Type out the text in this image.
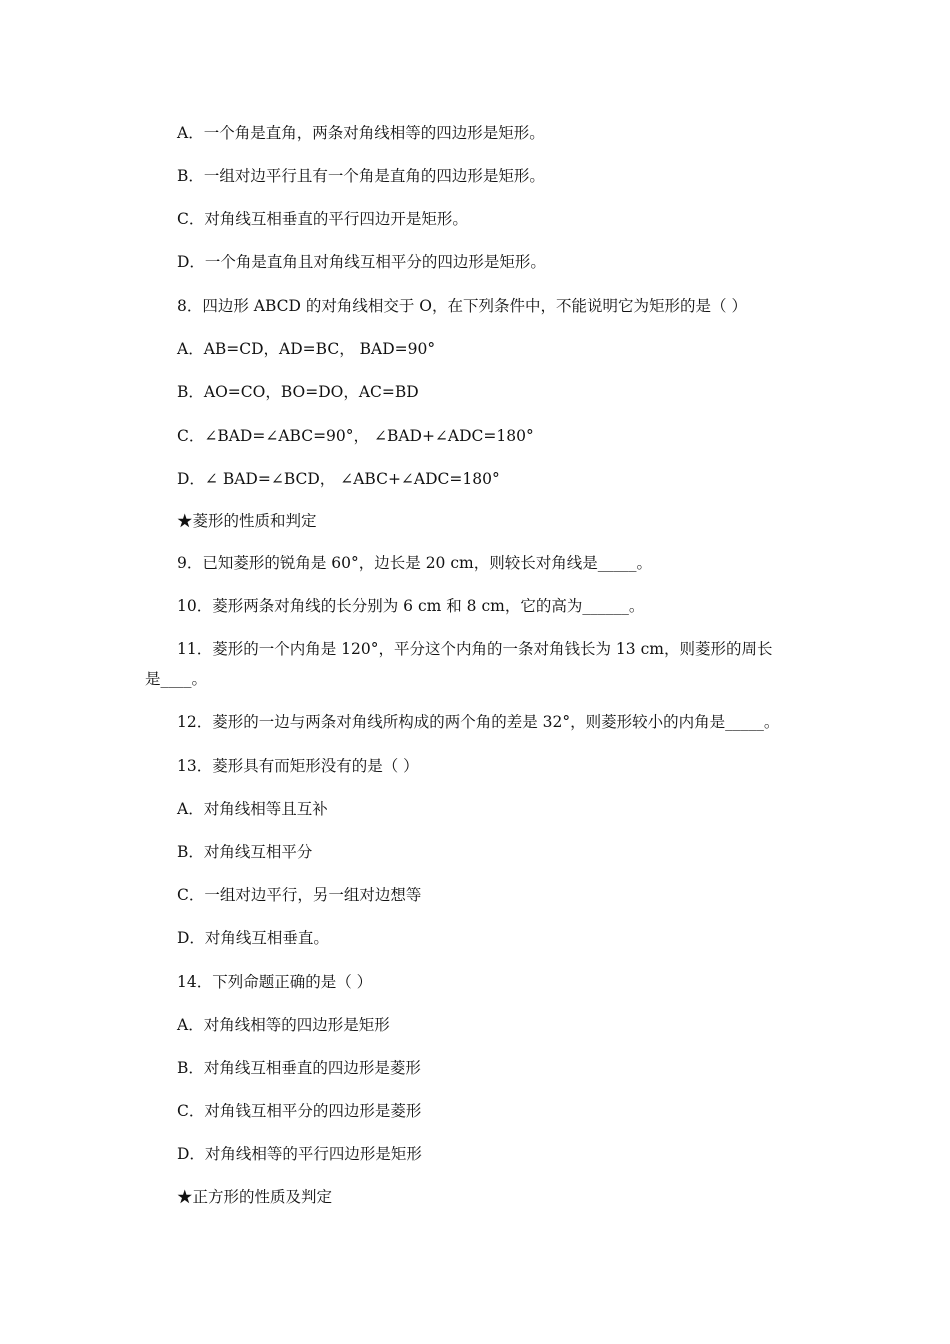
A．一个角是直角，两条对角线相等的四边形是矩形。
B．一组对边平行且有一个角是直角的四边形是矩形。
C．对角线互相垂直的平行四边开是矩形。
D．一个角是直角且对角线互相平分的四边形是矩形。
8．四边形 ABCD 的对角线相交于 O，在下列条件中，不能说明它为矩形的是（ ）
A．AB=CD，AD=BC， BAD=90°
B．AO=CO，BO=DO，AC=BD
C．∠BAD=∠ABC=90°， ∠BAD+∠ADC=180°
D．∠ BAD=∠BCD， ∠ABC+∠ADC=180°
★菱形的性质和判定
9．已知菱形的锐角是 60°，边长是 20 cm，则较长对角线是_____。
10．菱形两条对角线的长分别为 6 cm 和 8 cm，它的高为______。
11．菱形的一个内角是 120°，平分这个内角的一条对角钱长为 13 cm，则菱形的周长
是____。
12．菱形的一边与两条对角线所构成的两个角的差是 32°，则菱形较小的内角是_____。
13．菱形具有而矩形没有的是（ ）
A．对角线相等且互补
B．对角线互相平分
C．一组对边平行，另一组对边想等
D．对角线互相垂直。
14．下列命题正确的是（ ）
A．对角线相等的四边形是矩形
B．对角线互相垂直的四边形是菱形
C．对角钱互相平分的四边形是菱形
D．对角线相等的平行四边形是矩形
★正方形的性质及判定
